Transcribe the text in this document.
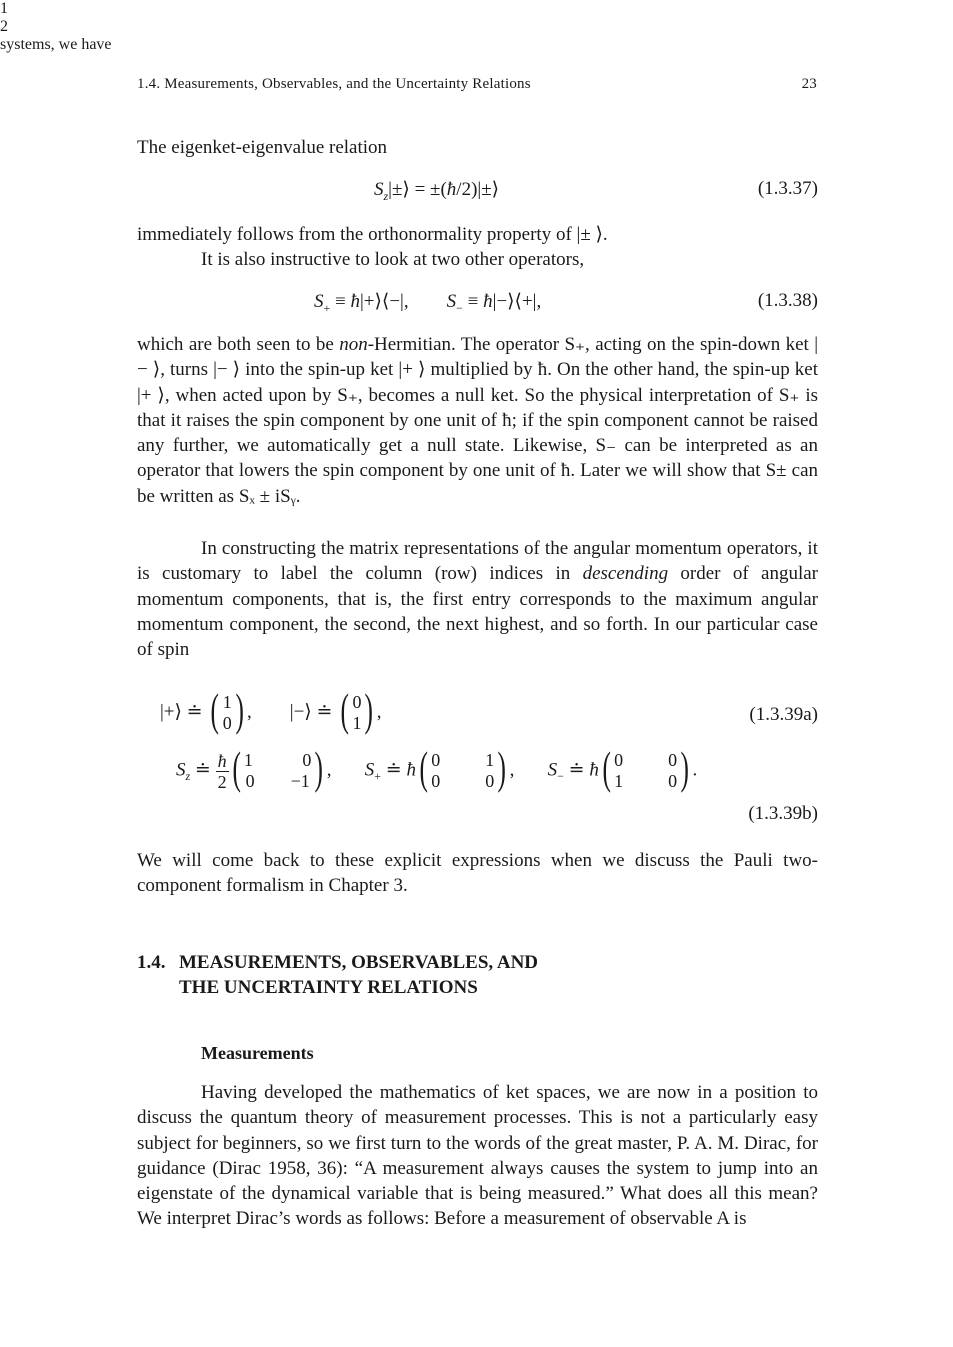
1.4. Measurements, Observables, and the Uncertainty Relations	23

The eigenket-eigenvalue relation

$S_z|\pm⟩$ = ±(ħ/2)|±⟩	(1.3.37)

immediately follows from the orthonormality property of |± ⟩.

It is also instructive to look at two other operators,

$S_+$ ≡ ħ|+⟩⟨−|,        $S_-$ ≡ ħ|−⟩⟨+|,	(1.3.38)

which are both seen to be non-Hermitian. The operator S₊, acting on the spin-down ket |− ⟩, turns |− ⟩ into the spin-up ket |+ ⟩ multiplied by ħ. On the other hand, the spin-up ket |+ ⟩, when acted upon by S₊, becomes a null ket. So the physical interpretation of S₊ is that it raises the spin component by one unit of ħ; if the spin component cannot be raised any further, we automatically get a null state. Likewise, S₋ can be interpreted as an operator that lowers the spin component by one unit of ħ. Later we will show that S± can be written as Sₓ ± iSᵧ.

In constructing the matrix representations of the angular momentum operators, it is customary to label the column (row) indices in descending order of angular momentum components, that is, the first entry corresponds to the maximum angular momentum component, the second, the next highest, and so forth. In our particular case of spin

1
2
systems, we have

|+⟩ ≐ ( 1
0) ,        |−⟩ ≐ ( 0
1) ,	(1.3.39a)
$S_z$ ≐ $\frac{ħ}{2}$ ( 1           0
0        −1 ) ,       $S_+$ ≐ ħ( 0          1
0          0) ,       $S_-$ ≐ ħ( 0          0
1          0) .
(1.3.39b)

We will come back to these explicit expressions when we discuss the Pauli two-component formalism in Chapter 3.

1.4. MEASUREMENTS, OBSERVABLES, AND
THE UNCERTAINTY RELATIONS
Measurements

Having developed the mathematics of ket spaces, we are now in a position to discuss the quantum theory of measurement processes. This is not a particularly easy subject for beginners, so we first turn to the words of the great master, P. A. M. Dirac, for guidance (Dirac 1958, 36): “A measurement always causes the system to jump into an eigenstate of the dynamical variable that is being measured.” What does all this mean? We interpret Dirac’s words as follows: Before a measurement of observable A is
